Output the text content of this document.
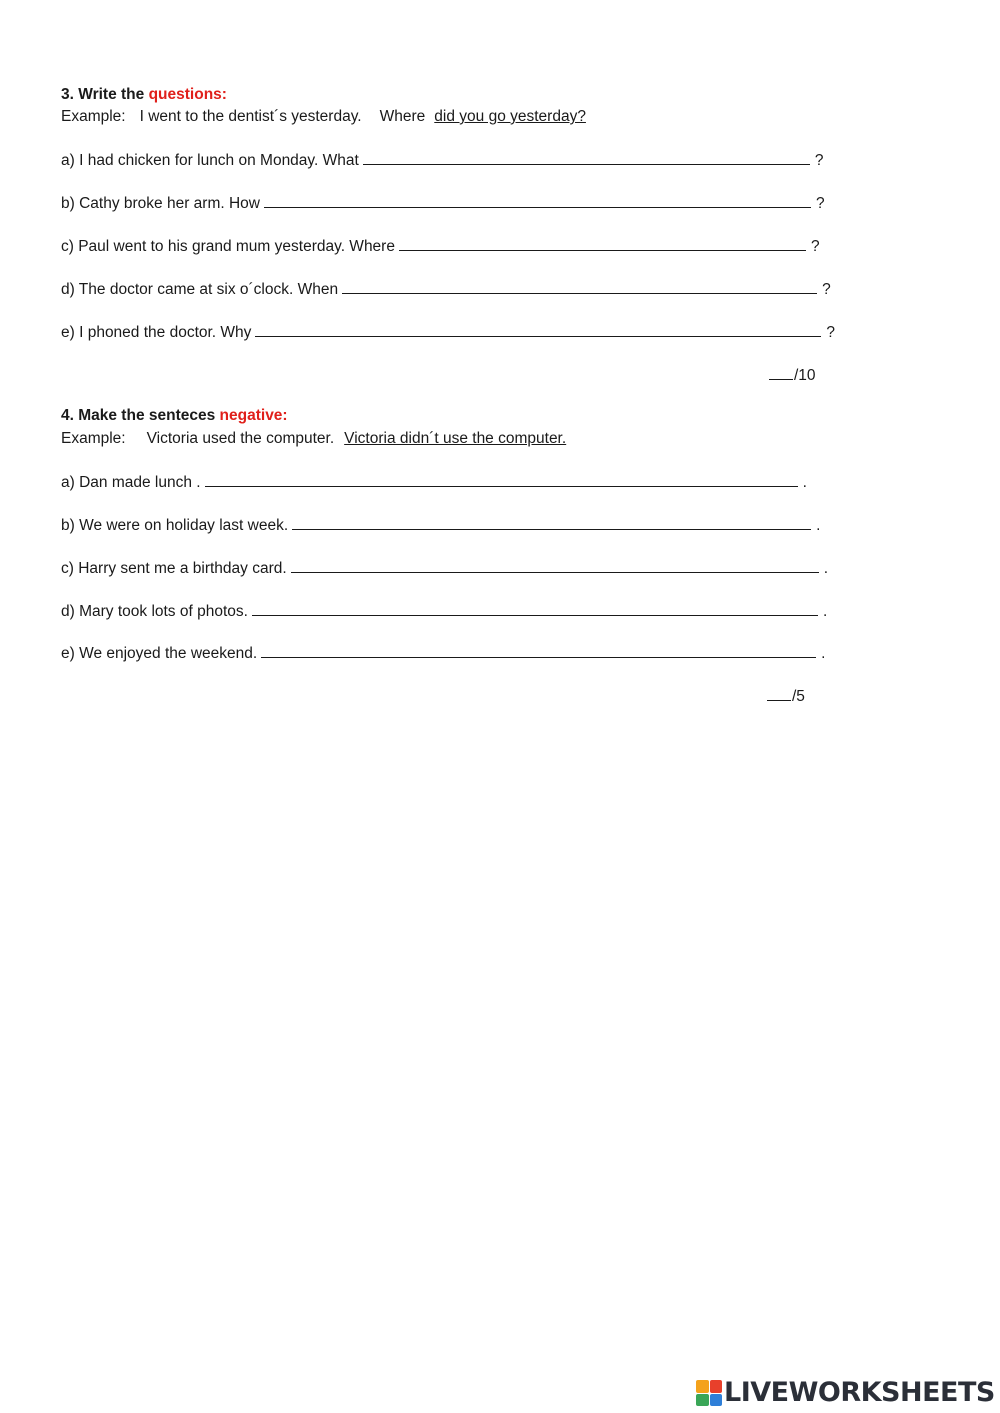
3. Write the questions:
Example: I went to the dentist´s yesterday. Where did you go yesterday?
a) I had chicken for lunch on Monday. What	?
b) Cathy broke her arm. How	?
c) Paul went to his grand mum yesterday. Where	?
d) The doctor came at six o´clock. When	?
e) I phoned the doctor. Why	?
/10
4. Make the senteces negative:
Example: Victoria used the computer. Victoria didn´t use the computer.
a) Dan made lunch .	.
b) We were on holiday last week.	.
c) Harry sent me a birthday card.	.
d) Mary took lots of photos.	.
e) We enjoyed the weekend.	.
/5
LIVEWORKSHEETS
